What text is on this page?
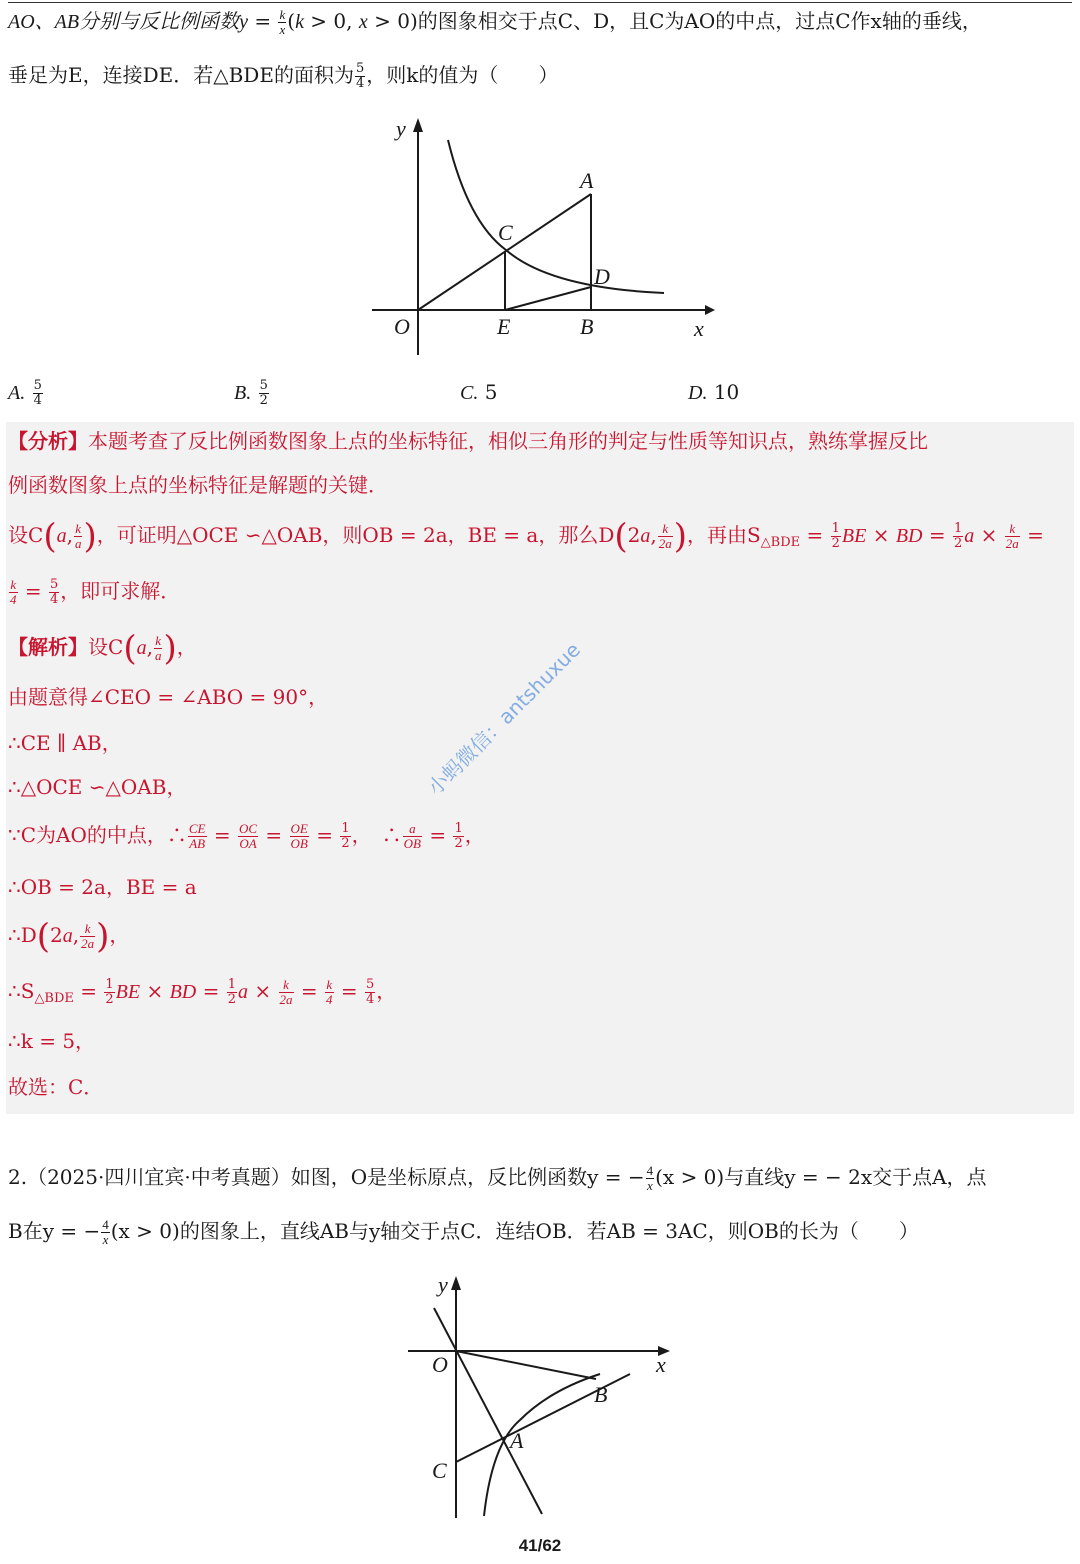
AO、AB分别与反比例函数$y = \frac{k}{x} (k > 0$, x > 0)的图象相交于点C、D，且C为AO的中点，过点C作x轴的垂线，
垂足为E，连接DE．若△BDE的面积为 $\frac{5}{4}$ ，则k的值为（　　）
y
A
C
D
O	E	B	x
A. $\frac{5}{4}$	B. $\frac{5}{2}$	C. 5	D. 10
【分析】本题考查了反比例函数图象上点的坐标特征，相似三角形的判定与性质等知识点，熟练掌握反比
例函数图象上点的坐标特征是解题的关键．
设C(a, $\frac{k}{a}$ )，可证明△OCE ∽△OAB，则OB = 2a，BE = a，那么D(2a, $\frac{k}{2a}$ )，再由$S_{\triangle BDE} = \frac{1}{2}$ BE × BD = $\frac{1}{2}$ $a \times \frac{k}{2a}$ =
$\frac{k}{4} = \frac{5}{4}$ ，即可求解．
【解析】设C(a, $\frac{k}{a}$ )，
由题意得∠CEO = ∠ABO = 90°，
∴CE ∥ AB，
∴△OCE ∽△OAB，
∵C为AO的中点，∴ $\frac{CE}{AB} = \frac{OC}{OA} = \frac{OE}{OB} = \frac{1}{2}$ ，　∴ $\frac{a}{OB} = \frac{1}{2}$ ，
∴OB = 2a，BE = a
∴D(2a, $\frac{k}{2a}$ )，
$\therefore S_{\triangle BDE} = \frac{1}{2}$ BE × BD = $\frac{1}{2}$ $a \times \frac{k}{2a} = \frac{k}{4} = \frac{5}{4}$ ，
∴k = 5，
故选：C．
小蚂微信：antshuxue
2.（2025·四川宜宾·中考真题）如图，O是坐标原点，反比例函数y = − $\frac{4}{x} (x > 0)$与直线y = − 2x交于点A，点
B在y = − $\frac{4}{x} (x > 0)$的图象上，直线AB与y轴交于点C．连结OB．若AB = 3AC，则OB的长为（　　）
y
x
O
B
A
C
41/62
